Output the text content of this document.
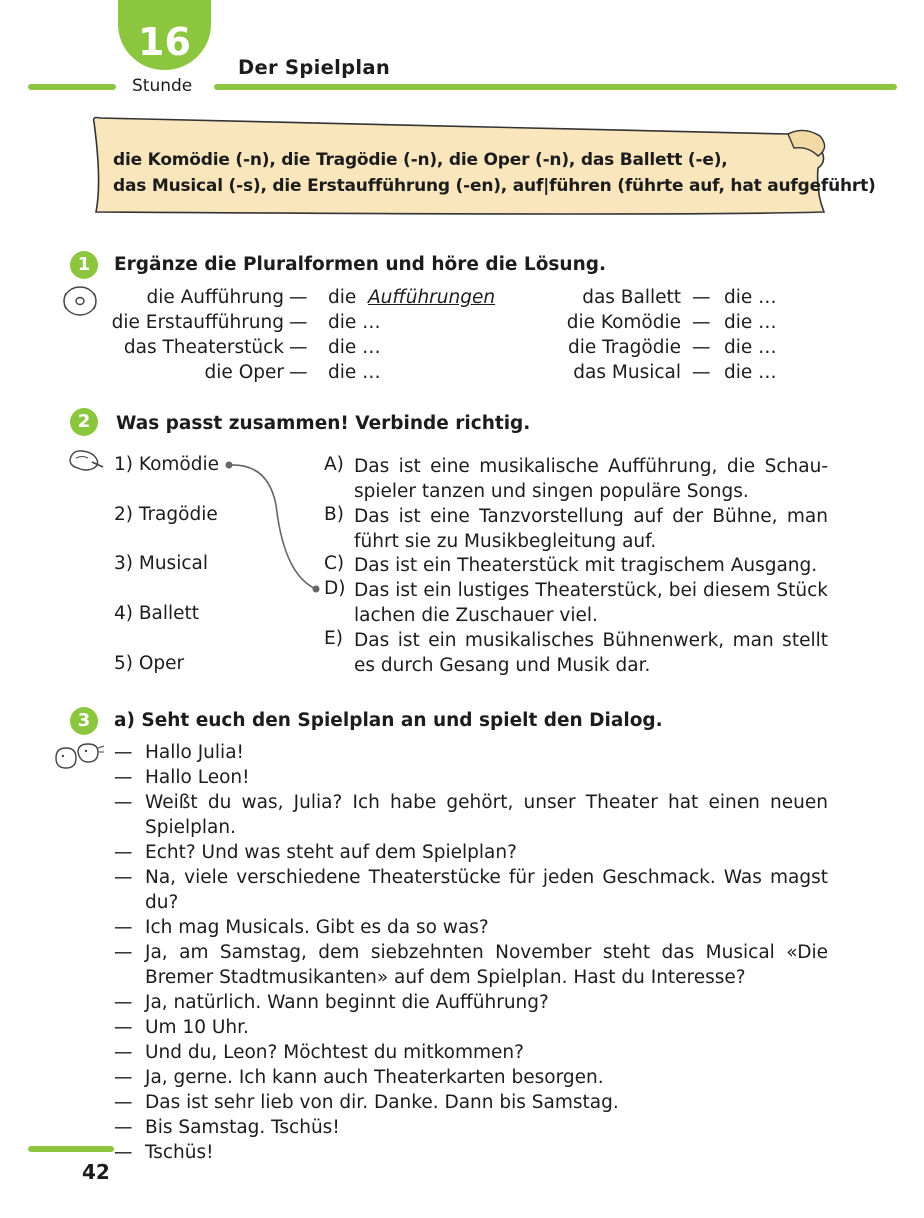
16
Stunde
Der Spielplan
die Komödie (-n), die Tragödie (-n), die Oper (-n), das Ballett (-e),
das Musical (-s), die Erstaufführung (-en), auf|führen (führte auf, hat aufgeführt)
1	Ergänze die Pluralformen und höre die Lösung.
die Aufführung — die Aufführungen
die Erstaufführung — die …
das Theaterstück — die …
die Oper — die …
das Ballett — die …
die Komödie — die …
die Tragödie — die …
das Musical — die …
2	Was passt zusammen! Verbinde richtig.
1) Komödie
2) Tragödie
3) Musical
4) Ballett
5) Oper
A) Das ist eine musikalische Aufführung, die Schau- spieler tanzen und singen populäre Songs.
B) Das ist eine Tanzvorstellung auf der Bühne, man führt sie zu Musikbegleitung auf.
C) Das ist ein Theaterstück mit tragischem Ausgang.
D) Das ist ein lustiges Theaterstück, bei diesem Stück lachen die Zuschauer viel.
E) Das ist ein musikalisches Bühnenwerk, man stellt es durch Gesang und Musik dar.
3	a) Seht euch den Spielplan an und spielt den Dialog.
— Hallo Julia!
— Hallo Leon!
— Weißt du was, Julia? Ich habe gehört, unser Theater hat einen neuen Spielplan.
— Echt? Und was steht auf dem Spielplan?
— Na, viele verschiedene Theaterstücke für jeden Geschmack. Was magst du?
— Ich mag Musicals. Gibt es da so was?
— Ja, am Samstag, dem siebzehnten November steht das Musical «Die Bremer Stadtmusikanten» auf dem Spielplan. Hast du Interesse?
— Ja, natürlich. Wann beginnt die Aufführung?
— Um 10 Uhr.
— Und du, Leon? Möchtest du mitkommen?
— Ja, gerne. Ich kann auch Theaterkarten besorgen.
— Das ist sehr lieb von dir. Danke. Dann bis Samstag.
— Bis Samstag. Tschüs!
— Tschüs!
42
